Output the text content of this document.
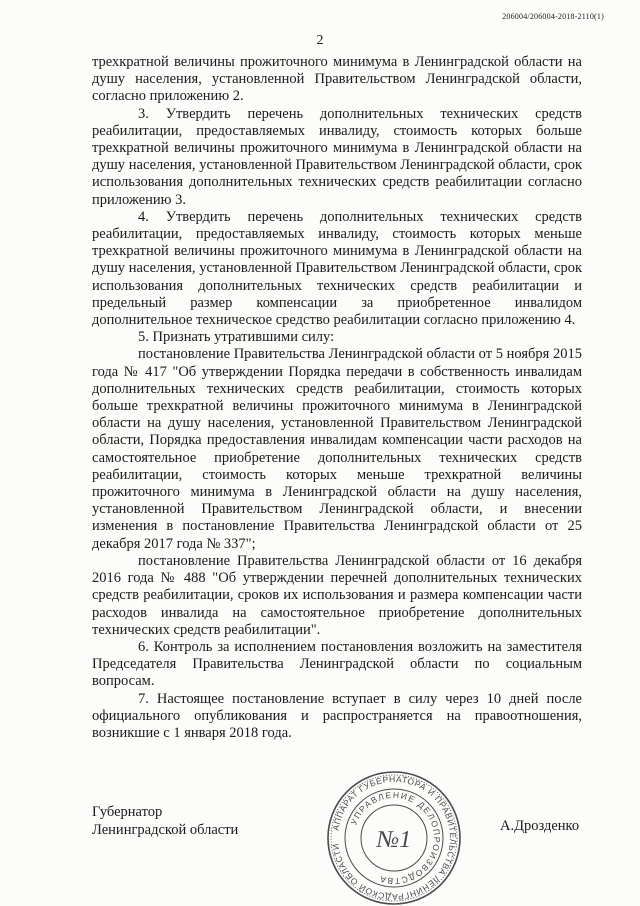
206004/206004-2018-2110(1)
2

трехкратной величины прожиточного минимума в Ленинградской области на душу населения, установленной Правительством Ленинградской области, согласно приложению 2.

3. Утвердить перечень дополнительных технических средств реабилитации, предоставляемых инвалиду, стоимость которых больше трехкратной величины прожиточного минимума в Ленинградской области на душу населения, установленной Правительством Ленинградской области, срок использования дополнительных технических средств реабилитации согласно приложению 3.

4. Утвердить перечень дополнительных технических средств реабилитации, предоставляемых инвалиду, стоимость которых меньше трехкратной величины прожиточного минимума в Ленинградской области на душу населения, установленной Правительством Ленинградской области, срок использования дополнительных технических средств реабилитации и предельный размер компенсации за приобретенное инвалидом дополнительное техническое средство реабилитации согласно приложению 4.

5. Признать утратившими силу:

постановление Правительства Ленинградской области от 5 ноября 2015 года № 417 "Об утверждении Порядка передачи в собственность инвалидам дополнительных технических средств реабилитации, стоимость которых больше трехкратной величины прожиточного минимума в Ленинградской области на душу населения, установленной Правительством Ленинградской области, Порядка предоставления инвалидам компенсации части расходов на самостоятельное приобретение дополнительных технических средств реабилитации, стоимость которых меньше трехкратной величины прожиточного минимума в Ленинградской области на душу населения, установленной Правительством Ленинградской области, и внесении изменения в постановление Правительства Ленинградской области от 25 декабря 2017 года № 337";

постановление Правительства Ленинградской области от 16 декабря 2016 года № 488 "Об утверждении перечней дополнительных технических средств реабилитации, сроков их использования и размера компенсации части расходов инвалида на самостоятельное приобретение дополнительных технических средств реабилитации".

6. Контроль за исполнением постановления возложить на заместителя Председателя Правительства Ленинградской области по социальным вопросам.

7. Настоящее постановление вступает в силу через 10 дней после официального опубликования и распространяется на правоотношения, возникшие с 1 января 2018 года.

Губернатор
Ленинградской области	А.Дрозденко
АППАРАТ ГУБЕРНАТОРА И ПРАВИТЕЛЬСТВА ЛЕНИНГРАДСКОЙ ОБЛАСТИ
УПРАВЛЕНИЕ ДЕЛОПРОИЗВОДСТВА
№1
